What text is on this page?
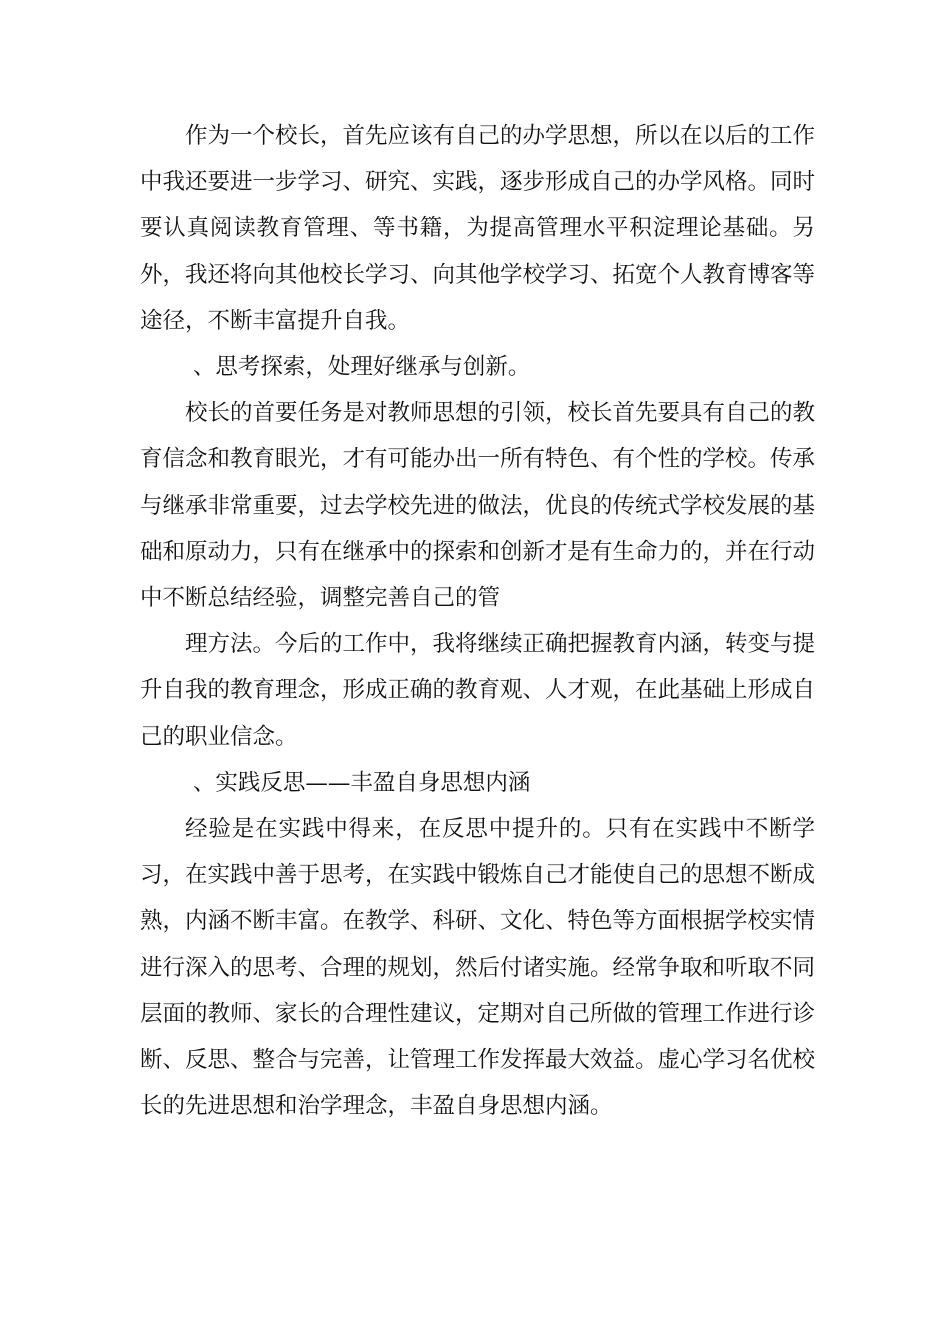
作为一个校长，首先应该有自己的办学思想，所以在以后的工作中我还要进一步学习、研究、实践，逐步形成自己的办学风格。同时要认真阅读教育管理、等书籍，为提高管理水平积淀理论基础。另外，我还将向其他校长学习、向其他学校学习、拓宽个人教育博客等途径，不断丰富提升自我。

、思考探索，处理好继承与创新。

校长的首要任务是对教师思想的引领，校长首先要具有自己的教育信念和教育眼光，才有可能办出一所有特色、有个性的学校。传承与继承非常重要，过去学校先进的做法，优良的传统式学校发展的基础和原动力，只有在继承中的探索和创新才是有生命力的，并在行动中不断总结经验，调整完善自己的管

理方法。今后的工作中，我将继续正确把握教育内涵，转变与提升自我的教育理念，形成正确的教育观、人才观，在此基础上形成自己的职业信念。

、实践反思——丰盈自身思想内涵

经验是在实践中得来，在反思中提升的。只有在实践中不断学习，在实践中善于思考，在实践中锻炼自己才能使自己的思想不断成熟，内涵不断丰富。在教学、科研、文化、特色等方面根据学校实情进行深入的思考、合理的规划，然后付诸实施。经常争取和听取不同层面的教师、家长的合理性建议，定期对自己所做的管理工作进行诊断、反思、整合与完善，让管理工作发挥最大效益。虚心学习名优校长的先进思想和治学理念，丰盈自身思想内涵。
